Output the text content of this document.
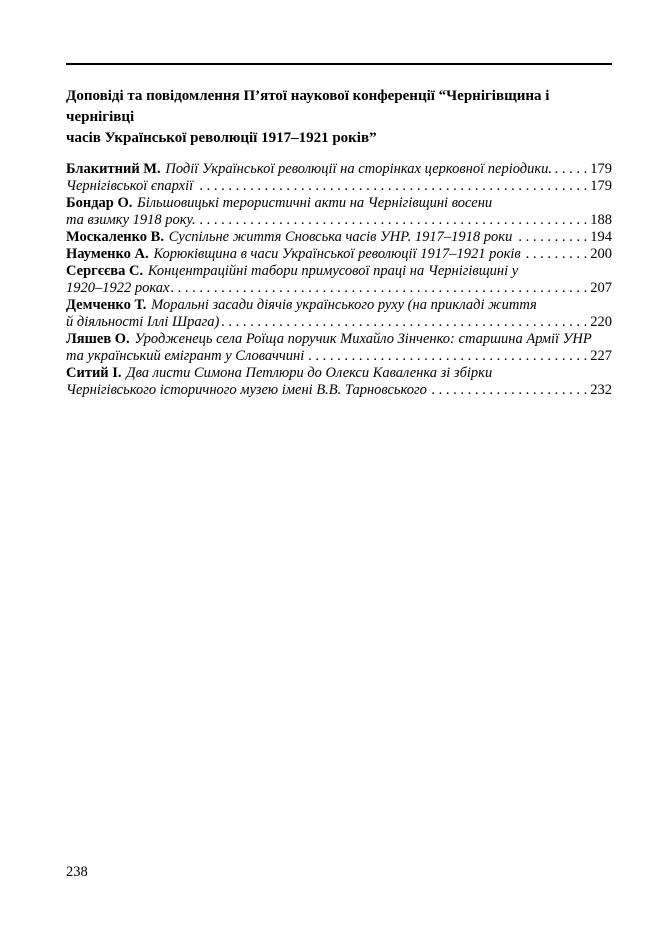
Доповіді та повідомлення П’ятої наукової конференції “Чернігівщина і чернігівці
часів Української революції 1917–1921 років”
Блакитний М. Події Української революції на сторінках церковної періодики. . . .	179
Чернігівської єпархії . . .	179
Бондар О. Більшовицькі терористичні акти на Чернігівщині восени
та взимку 1918 року. . . .	188
Москаленко В. Суспільне життя Сновська часів УНР. 1917–1918 роки . . .	194
Науменко А. Корюківщина в часи Української революції 1917–1921 років . . .	200
Сергєєва С. Концентраційні табори примусової праці на Чернігівщині у
1920–1922 роках . . .	207
Демченко Т. Моральні засади діячів українського руху (на прикладі життя
й діяльності Іллі Шрага) . . .	220
Ляшев О. Уродженець села Роїща поручик Михайло Зінченко: старшина Армії УНР
та український емігрант у Словаччині . . .	227
Ситий І. Два листи Симона Петлюри до Олекси Каваленка зі збірки
Чернігівського історичного музею імені В.В. Тарновського . . .	232
238
